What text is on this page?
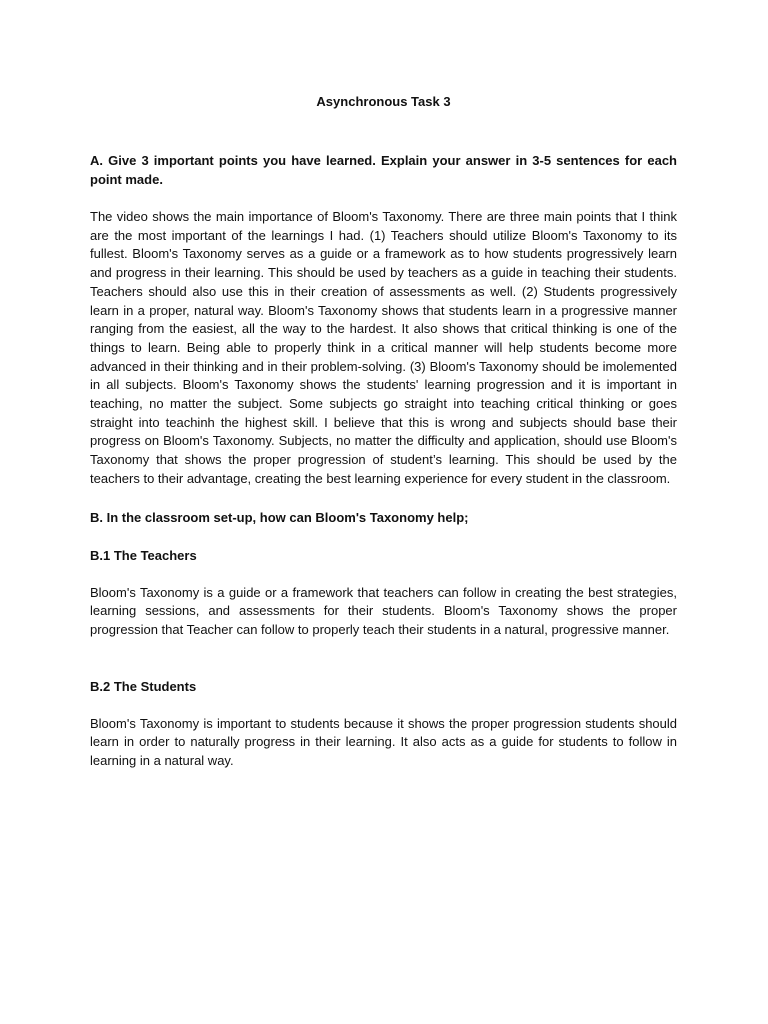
Asynchronous Task 3

A. Give 3 important points you have learned. Explain your answer in 3-5 sentences for each point made.

The video shows the main importance of Bloom's Taxonomy. There are three main points that I think are the most important of the learnings I had. (1) Teachers should utilize Bloom's Taxonomy to its fullest. Bloom's Taxonomy serves as a guide or a framework as to how students progressively learn and progress in their learning. This should be used by teachers as a guide in teaching their students. Teachers should also use this in their creation of assessments as well. (2) Students progressively learn in a proper, natural way. Bloom's Taxonomy shows that students learn in a progressive manner ranging from the easiest, all the way to the hardest. It also shows that critical thinking is one of the things to learn. Being able to properly think in a critical manner will help students become more advanced in their thinking and in their problem-solving. (3) Bloom's Taxonomy should be imolemented in all subjects. Bloom's Taxonomy shows the students' learning progression and it is important in teaching, no matter the subject. Some subjects go straight into teaching critical thinking or goes straight into teachinh the highest skill. I believe that this is wrong and subjects should base their progress on Bloom's Taxonomy. Subjects, no matter the difficulty and application, should use Bloom's Taxonomy that shows the proper progression of student’s learning. This should be used by the teachers to their advantage, creating the best learning experience for every student in the classroom.

B. In the classroom set-up, how can Bloom's Taxonomy help;

B.1 The Teachers

Bloom's Taxonomy is a guide or a framework that teachers can follow in creating the best strategies, learning sessions, and assessments for their students. Bloom's Taxonomy shows the proper progression that Teacher can follow to properly teach their students in a natural, progressive manner.

B.2 The Students

Bloom's Taxonomy is important to students because it shows the proper progression students should learn in order to naturally progress in their learning. It also acts as a guide for students to follow in learning in a natural way.
